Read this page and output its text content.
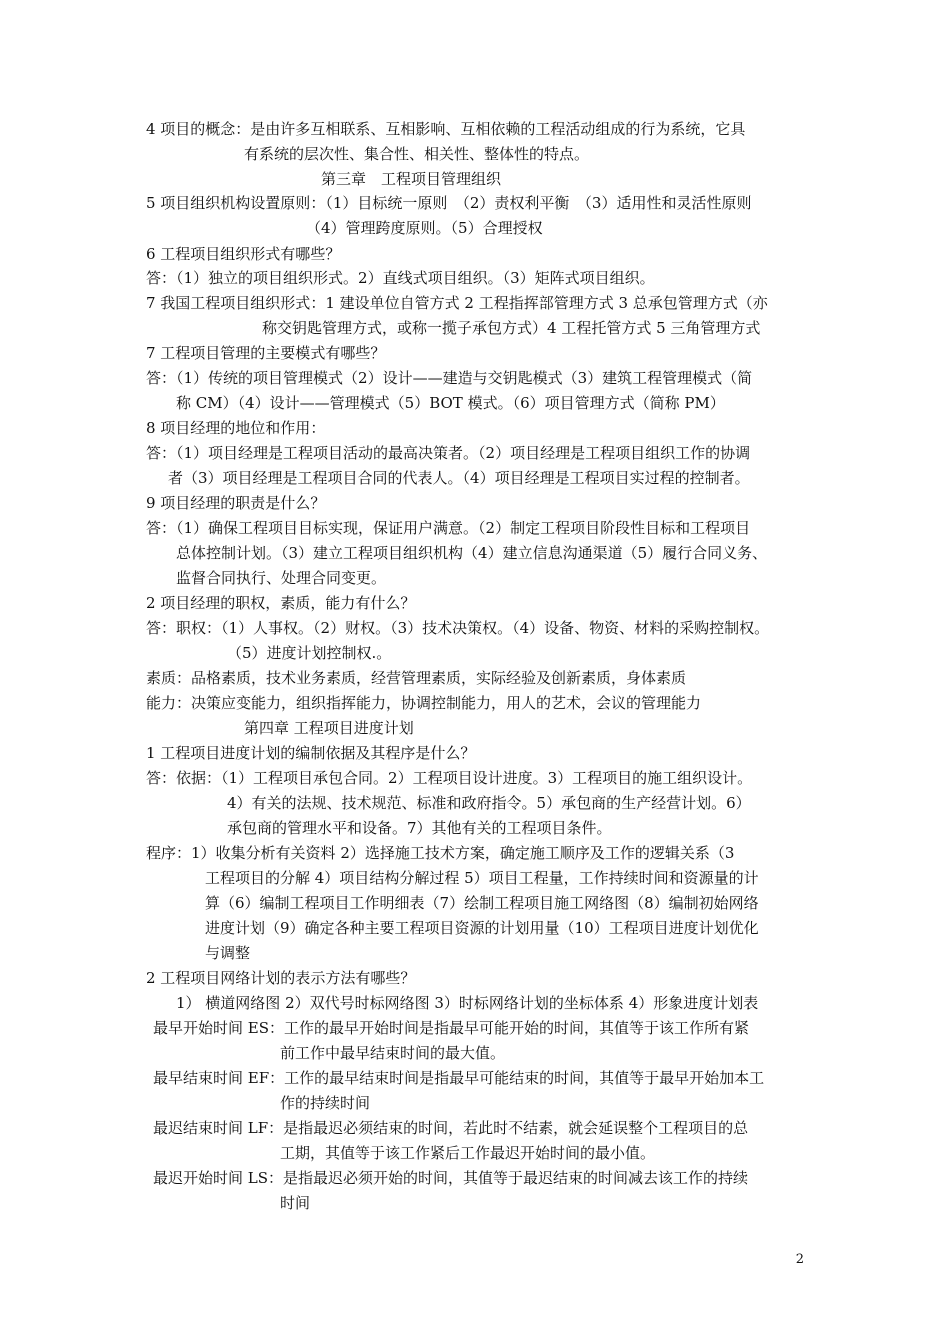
4 项目的概念：是由许多互相联系、互相影响、互相依赖的工程活动组成的行为系统，它具
有系统的层次性、集合性、相关性、整体性的特点。
第三章　工程项目管理组织
5 项目组织机构设置原则：（1）目标统一原则　（2）责权利平衡　（3）适用性和灵活性原则
（4）管理跨度原则。（5）合理授权
6 工程项目组织形式有哪些？
答：（1）独立的项目组织形式。2）直线式项目组织。（3）矩阵式项目组织。
7 我国工程项目组织形式：1 建设单位自管方式 2 工程指挥部管理方式 3 总承包管理方式（亦
称交钥匙管理方式，或称一揽子承包方式）4 工程托管方式 5 三角管理方式
7 工程项目管理的主要模式有哪些？
答：（1）传统的项目管理模式（2）设计——建造与交钥匙模式（3）建筑工程管理模式（简
称 CM）（4）设计——管理模式（5）BOT 模式。（6）项目管理方式（简称 PM）
8 项目经理的地位和作用：
答：（1）项目经理是工程项目活动的最高决策者。（2）项目经理是工程项目组织工作的协调
者（3）项目经理是工程项目合同的代表人。（4）项目经理是工程项目实过程的控制者。
9 项目经理的职责是什么？
答：（1）确保工程项目目标实现，保证用户满意。（2）制定工程项目阶段性目标和工程项目
总体控制计划。（3）建立工程项目组织机构（4）建立信息沟通渠道（5）履行合同义务、
监督合同执行、处理合同变更。
2 项目经理的职权，素质，能力有什么？
答：职权：（1）人事权。（2）财权。（3）技术决策权。（4）设备、物资、材料的采购控制权。
（5）进度计划控制权.。
素质：品格素质，技术业务素质，经营管理素质，实际经验及创新素质，身体素质
能力：决策应变能力，组织指挥能力，协调控制能力，用人的艺术，会议的管理能力
第四章 工程项目进度计划
1 工程项目进度计划的编制依据及其程序是什么？
答：依据：（1）工程项目承包合同。2）工程项目设计进度。3）工程项目的施工组织设计。
4）有关的法规、技术规范、标准和政府指令。5）承包商的生产经营计划。6）
承包商的管理水平和设备。7）其他有关的工程项目条件。
程序：1）收集分析有关资料 2）选择施工技术方案，确定施工顺序及工作的逻辑关系（3
工程项目的分解 4）项目结构分解过程 5）项目工程量，工作持续时间和资源量的计
算（6）编制工程项目工作明细表（7）绘制工程项目施工网络图（8）编制初始网络
进度计划（9）确定各种主要工程项目资源的计划用量（10）工程项目进度计划优化
与调整
2 工程项目网络计划的表示方法有哪些？
1） 横道网络图 2）双代号时标网络图 3）时标网络计划的坐标体系 4）形象进度计划表
最早开始时间 ES：工作的最早开始时间是指最早可能开始的时间，其值等于该工作所有紧
前工作中最早结束时间的最大值。
最早结束时间 EF：工作的最早结束时间是指最早可能结束的时间，其值等于最早开始加本工
作的持续时间
最迟结束时间 LF：是指最迟必须结束的时间，若此时不结素，就会延误整个工程项目的总
工期，其值等于该工作紧后工作最迟开始时间的最小值。
最迟开始时间 LS：是指最迟必须开始的时间，其值等于最迟结束的时间减去该工作的持续
时间
2
